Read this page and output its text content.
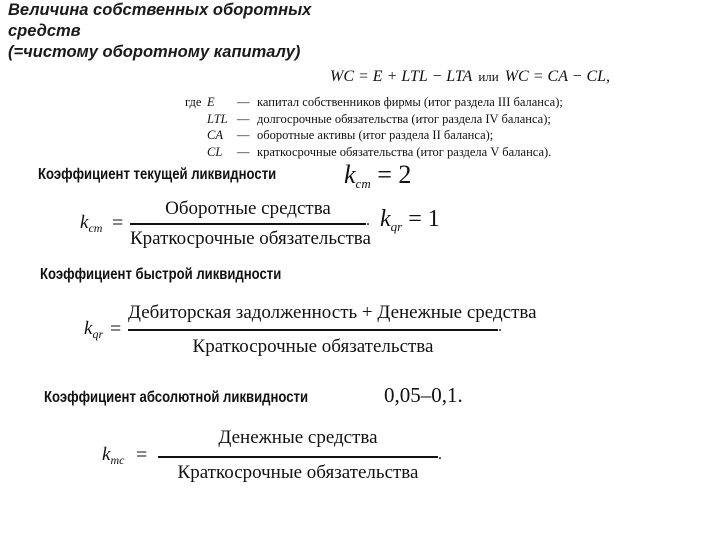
Величина собственных оборотных
средств
(=чистому оборотному капиталу)
WC = E + LTL − LTA или WC = CA − CL,
где E	— капитал собственников фирмы (итог раздела III баланса);
LTL — долгосрочные обязательства (итог раздела IV баланса);
CA	— оборотные активы (итог раздела II баланса);
CL	— краткосрочные обязательства (итог раздела V баланса).
Коэффициент текущей ликвидности	$k_{ст} = 2$
$k_{ст}$ =
Оборотные средства
Краткосрочные обязательства
. $k_{qr} = 1$
Коэффициент быстрой ликвидности
$k_{qr}$ =
Дебиторская задолженность + Денежные средства
Краткосрочные обязательства
.
Коэффициент абсолютной ликвидности	0,05–0,1.
$k_{mc}$ =
Денежные средства
Краткосрочные обязательства
.
